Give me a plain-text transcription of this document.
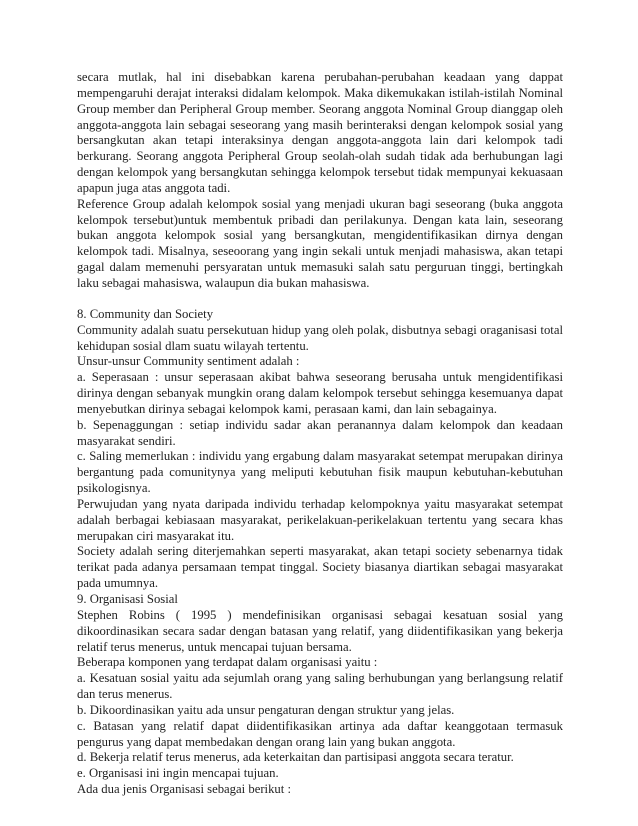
secara mutlak, hal ini disebabkan karena perubahan-perubahan keadaan yang dappat mempengaruhi derajat interaksi didalam kelompok. Maka dikemukakan istilah-istilah Nominal Group member dan Peripheral Group member. Seorang anggota Nominal Group dianggap oleh anggota-anggota lain sebagai seseorang yang masih berinteraksi dengan kelompok sosial yang bersangkutan akan tetapi interaksinya dengan anggota-anggota lain dari kelompok tadi berkurang. Seorang anggota Peripheral Group seolah-olah sudah tidak ada berhubungan lagi dengan kelompok yang bersangkutan sehingga kelompok tersebut tidak mempunyai kekuasaan apapun juga atas anggota tadi.

Reference Group adalah kelompok sosial yang menjadi ukuran bagi seseorang (buka anggota kelompok tersebut)untuk membentuk pribadi dan perilakunya. Dengan kata lain, seseorang bukan anggota kelompok sosial yang bersangkutan, mengidentifikasikan dirnya dengan kelompok tadi. Misalnya, seseoorang yang ingin sekali untuk menjadi mahasiswa, akan tetapi gagal dalam memenuhi persyaratan untuk memasuki salah satu perguruan tinggi, bertingkah laku sebagai mahasiswa, walaupun dia bukan mahasiswa.

8. Community dan Society

Community adalah suatu persekutuan hidup yang oleh polak, disbutnya sebagi oraganisasi total kehidupan sosial dlam suatu wilayah tertentu.

Unsur-unsur Community sentiment adalah :

a. Seperasaan : unsur seperasaan akibat bahwa seseorang berusaha untuk mengidentifikasi dirinya dengan sebanyak mungkin orang dalam kelompok tersebut sehingga kesemuanya dapat menyebutkan dirinya sebagai kelompok kami, perasaan kami, dan lain sebagainya.

b. Sepenaggungan : setiap individu sadar akan peranannya dalam kelompok dan keadaan masyarakat sendiri.

c. Saling memerlukan : individu yang ergabung dalam masyarakat setempat merupakan dirinya bergantung pada comunitynya yang meliputi kebutuhan fisik maupun kebutuhan-kebutuhan psikologisnya.

Perwujudan yang nyata daripada individu terhadap kelompoknya yaitu masyarakat setempat adalah berbagai kebiasaan masyarakat, perikelakuan-perikelakuan tertentu yang secara khas merupakan ciri masyarakat itu.

Society adalah sering diterjemahkan seperti masyarakat, akan tetapi society sebenarnya tidak terikat pada adanya persamaan tempat tinggal. Society biasanya diartikan sebagai masyarakat pada umumnya.

9. Organisasi Sosial

Stephen Robins ( 1995 ) mendefinisikan organisasi sebagai kesatuan sosial yang dikoordinasikan secara sadar dengan batasan yang relatif, yang diidentifikasikan yang bekerja relatif terus menerus, untuk mencapai tujuan bersama.

Beberapa komponen yang terdapat dalam organisasi yaitu :

a. Kesatuan sosial yaitu ada sejumlah orang yang saling berhubungan yang berlangsung relatif dan terus menerus.

b. Dikoordinasikan yaitu ada unsur pengaturan dengan struktur yang jelas.

c. Batasan yang relatif dapat diidentifikasikan artinya ada daftar keanggotaan termasuk pengurus yang dapat membedakan dengan orang lain yang bukan anggota.

d. Bekerja relatif terus menerus, ada keterkaitan dan partisipasi anggota secara teratur.

e. Organisasi ini ingin mencapai tujuan.

Ada dua jenis Organisasi sebagai berikut :
